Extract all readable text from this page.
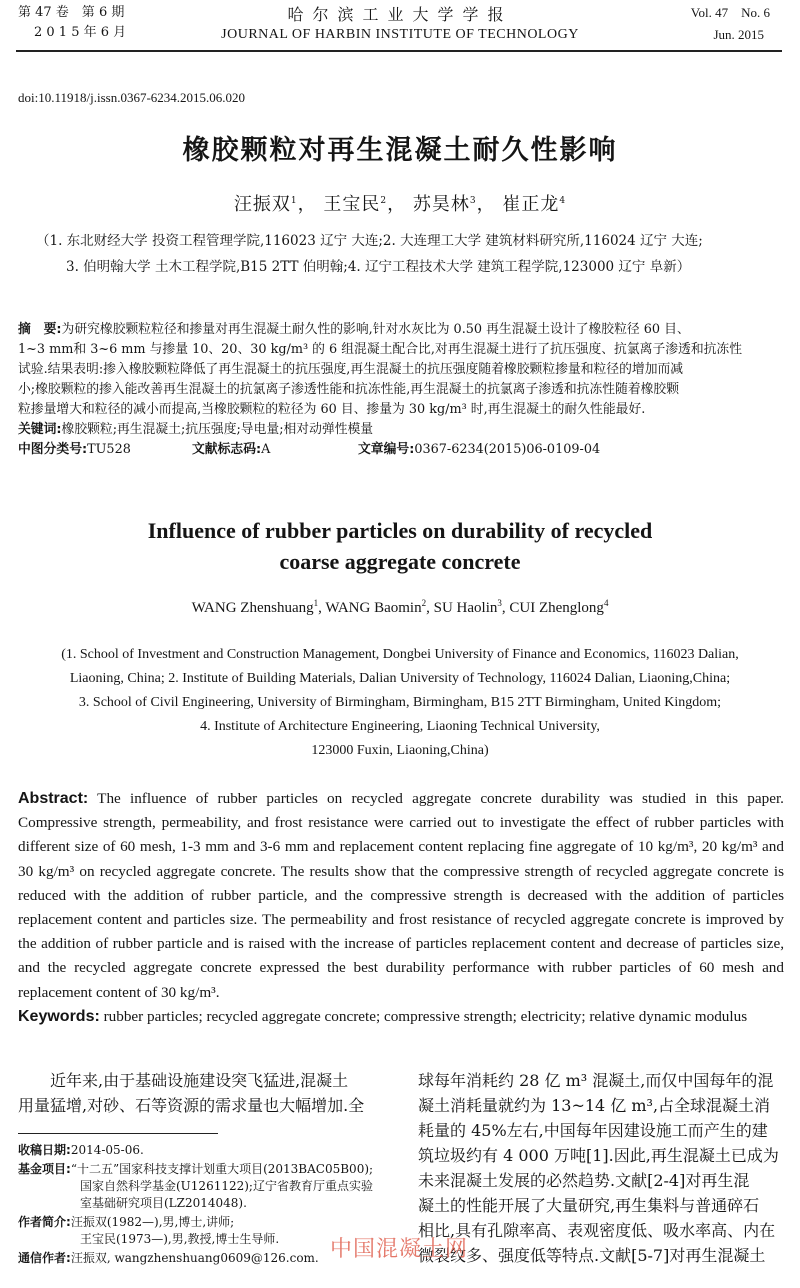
第 47 卷　第 6 期
2 0 1 5 年 6 月
哈尔滨工业大学学报
JOURNAL OF HARBIN INSTITUTE OF TECHNOLOGY
Vol. 47　No. 6
Jun. 2015
doi:10.11918/j.issn.0367-6234.2015.06.020
橡胶颗粒对再生混凝土耐久性影响
汪振双$^1$， 王宝民$^2$， 苏昊林$^3$， 崔正龙$^4$
（1. 东北财经大学 投资工程管理学院,116023 辽宁 大连;2. 大连理工大学 建筑材料研究所,116024 辽宁 大连;
3. 伯明翰大学 土木工程学院,B15 2TT 伯明翰;4. 辽宁工程技术大学 建筑工程学院,123000 辽宁 阜新）
摘　要:为研究橡胶颗粒粒径和掺量对再生混凝土耐久性的影响,针对水灰比为 0.50 再生混凝土设计了橡胶粒径 60 目、
1~3 mm和 3~6 mm 与掺量 10、20、30 kg/m³ 的 6 组混凝土配合比,对再生混凝土进行了抗压强度、抗氯离子渗透和抗冻性
试验.结果表明:掺入橡胶颗粒降低了再生混凝土的抗压强度,再生混凝土的抗压强度随着橡胶颗粒掺量和粒径的增加而减
小;橡胶颗粒的掺入能改善再生混凝土的抗氯离子渗透性能和抗冻性能,再生混凝土的抗氯离子渗透和抗冻性随着橡胶颗
粒掺量增大和粒径的减小而提高,当橡胶颗粒的粒径为 60 目、掺量为 30 kg/m³ 时,再生混凝土的耐久性能最好.
关键词:橡胶颗粒;再生混凝土;抗压强度;导电量;相对动弹性模量
中图分类号:TU528	文献标志码:A	文章编号:0367-6234(2015)06-0109-04
Influence of rubber particles on durability of recycled
coarse aggregate concrete
WANG Zhenshuang$^1$, WANG Baomin$^2$, SU Haolin$^3$, CUI Zhenglong$^4$
(1. School of Investment and Construction Management, Dongbei University of Finance and Economics, 116023 Dalian,
Liaoning, China; 2. Institute of Building Materials, Dalian University of Technology, 116024 Dalian, Liaoning,China;
3. School of Civil Engineering, University of Birmingham, Birmingham, B15 2TT Birmingham, United Kingdom;
4. Institute of Architecture Engineering, Liaoning Technical University,
123000 Fuxin, Liaoning,China)
Abstract: The influence of rubber particles on recycled aggregate concrete durability was studied in this paper. Compressive strength, permeability, and frost resistance were carried out to investigate the effect of rubber particles with different size of 60 mesh, 1-3 mm and 3-6 mm and replacement content replacing fine aggregate of 10 kg/m³, 20 kg/m³ and 30 kg/m³ on recycled aggregate concrete. The results show that the compressive strength of recycled aggregate concrete is reduced with the addition of rubber particle, and the compressive strength is decreased with the addition of particles replacement content and particles size. The permeability and frost resistance of recycled aggregate concrete is improved by the addition of rubber particle and is raised with the increase of particles replacement content and decrease of particles size, and the recycled aggregate concrete expressed the best durability performance with rubber particles of 60 mesh and replacement content of 30 kg/m³.
Keywords: rubber particles; recycled aggregate concrete; compressive strength; electricity; relative dynamic modulus
近年来,由于基础设施建设突飞猛进,混凝土
用量猛增,对砂、石等资源的需求量也大幅增加.全
收稿日期:2014-05-06.
基金项目:“十二五”国家科技支撑计划重大项目(2013BAC05B00);
国家自然科学基金(U1261122);辽宁省教育厅重点实验
室基础研究项目(LZ2014048).
作者简介:汪振双(1982—),男,博士,讲师;
王宝民(1973—),男,教授,博士生导师.
通信作者:汪振双, wangzhenshuang0609@126.com.
球每年消耗约 28 亿 m³ 混凝土,而仅中国每年的混
凝土消耗量就约为 13~14 亿 m³,占全球混凝土消
耗量的 45%左右,中国每年因建设施工而产生的建
筑垃圾约有 4 000 万吨[1].因此,再生混凝土已成为
未来混凝土发展的必然趋势.文献[2-4]对再生混
凝土的性能开展了大量研究,再生集料与普通碎石
相比,具有孔隙率高、表观密度低、吸水率高、内在
微裂纹多、强度低等特点.文献[5-7]对再生混凝土
中国混凝土网
